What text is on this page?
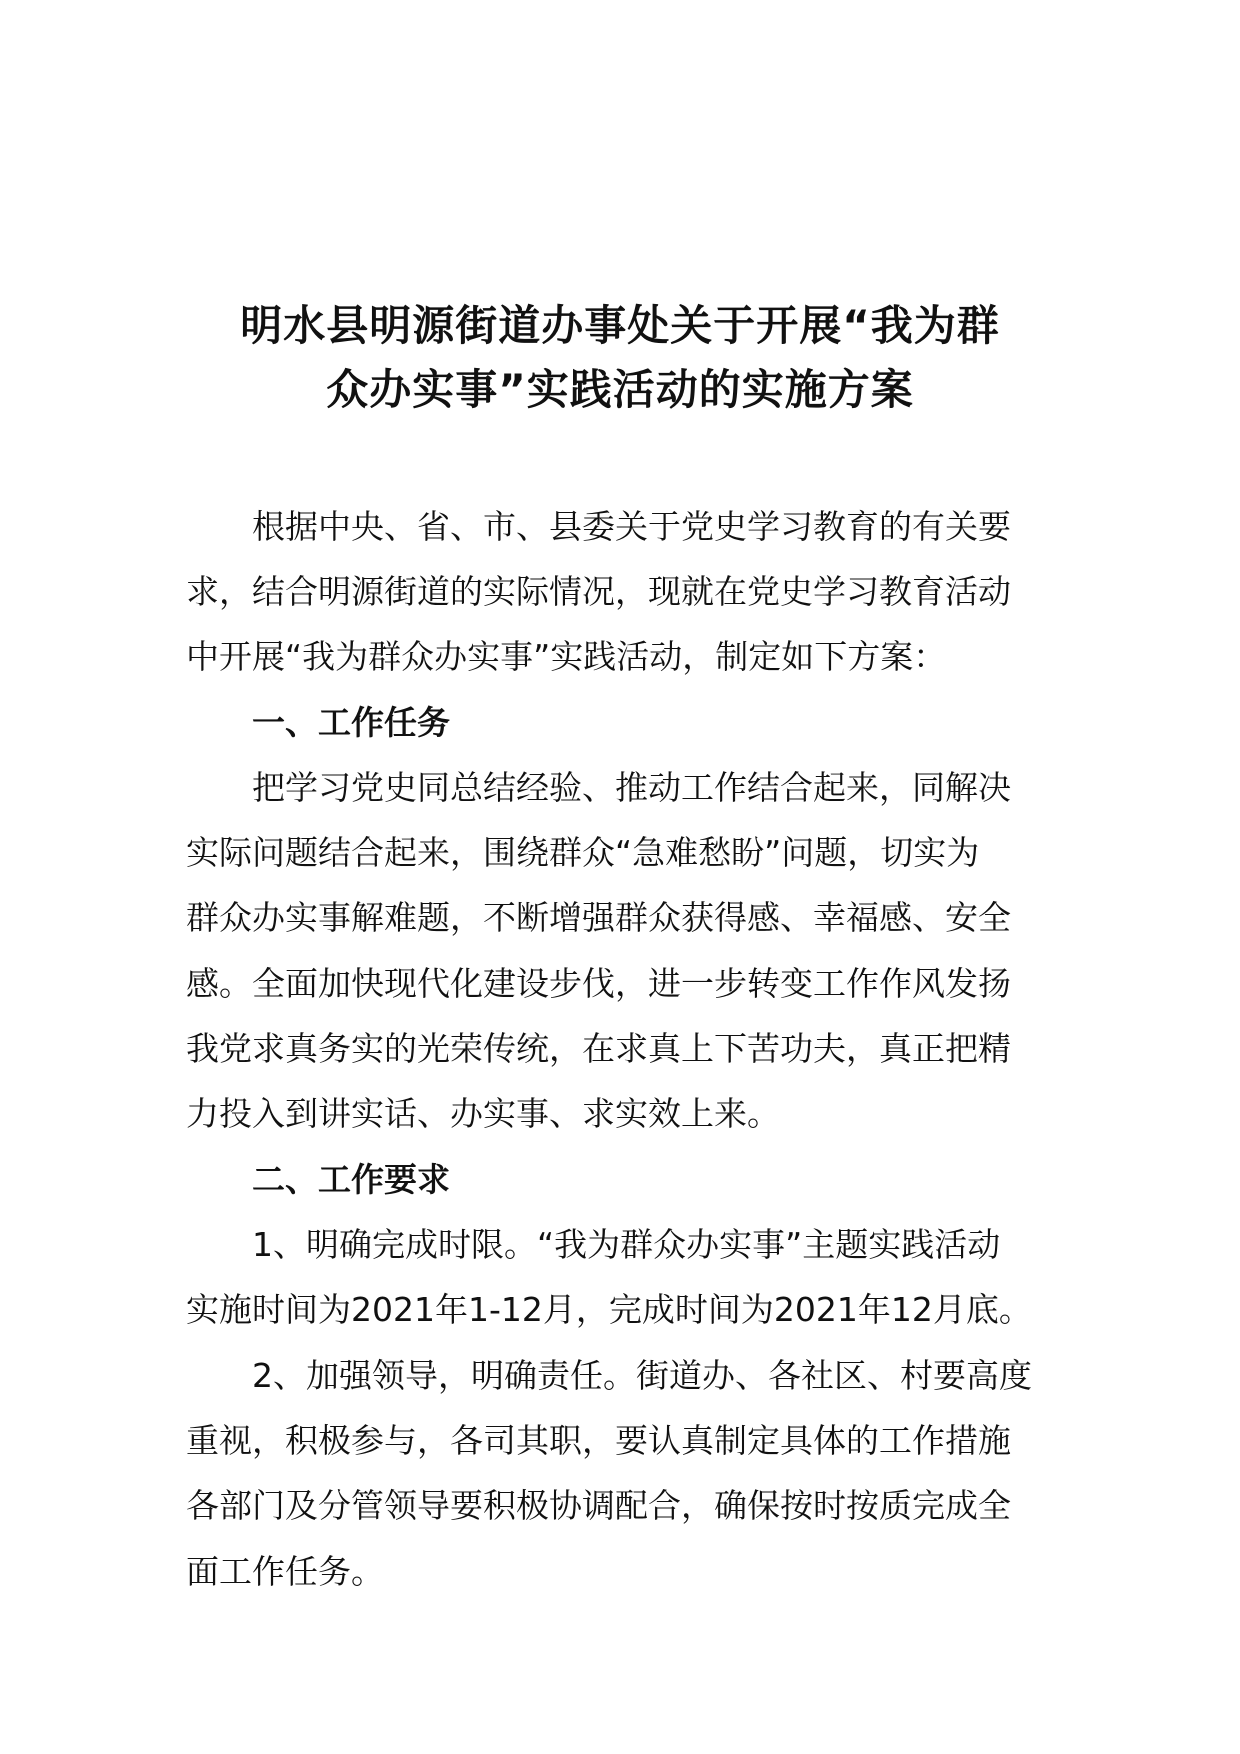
明水县明源街道办事处关于开展“我为群
众办实事”实践活动的实施方案
根据中央、省、市、县委关于党史学习教育的有关要
求，结合明源街道的实际情况，现就在党史学习教育活动
中开展“我为群众办实事”实践活动，制定如下方案：
一、工作任务
把学习党史同总结经验、推动工作结合起来，同解决
实际问题结合起来，围绕群众“急难愁盼”问题，切实为
群众办实事解难题，不断增强群众获得感、幸福感、安全
感。全面加快现代化建设步伐，进一步转变工作作风发扬
我党求真务实的光荣传统，在求真上下苦功夫，真正把精
力投入到讲实话、办实事、求实效上来。
二、工作要求
1、明确完成时限。“我为群众办实事”主题实践活动
实施时间为2021年1-12月，完成时间为2021年12月底。
2、加强领导，明确责任。街道办、各社区、村要高度
重视，积极参与，各司其职，要认真制定具体的工作措施
各部门及分管领导要积极协调配合，确保按时按质完成全
面工作任务。
